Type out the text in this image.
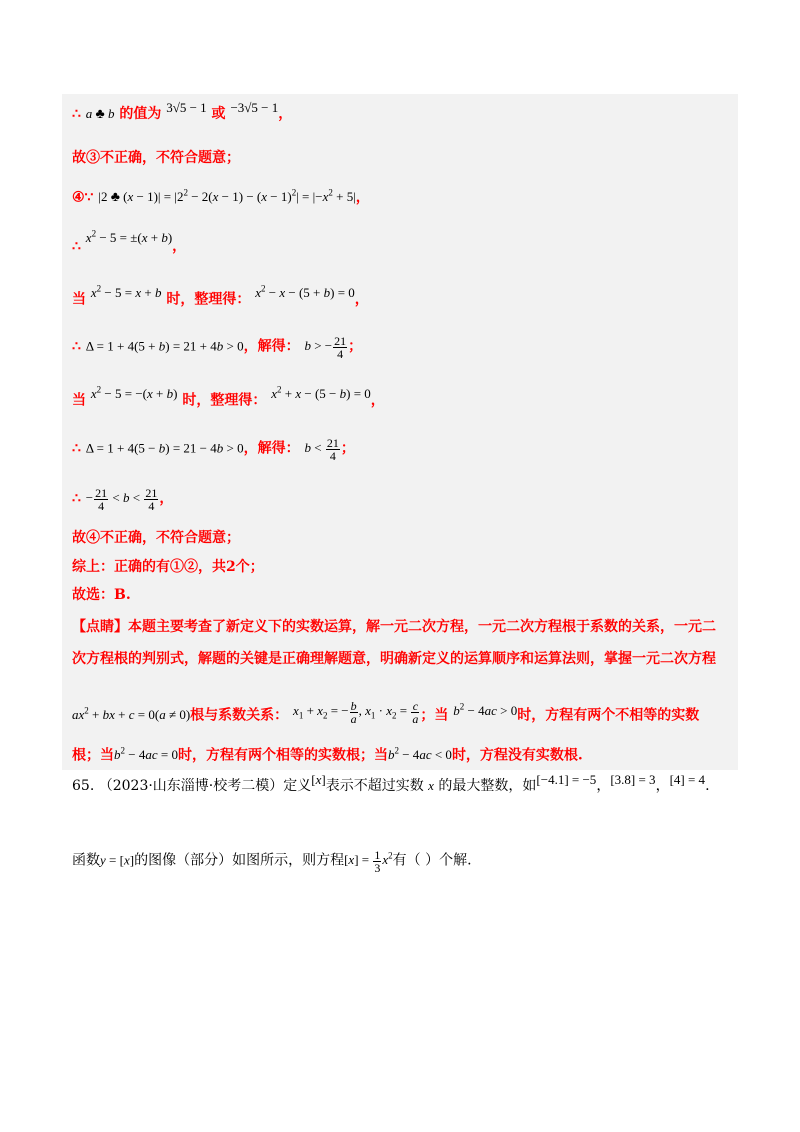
∴ a ♣ b 的值为 3√5 − 1 或 −3√5 − 1，
故③不正确，不符合题意；
④∵ |2 ♣ $(x - 1)| = |2^2 - 2(x - 1) - (x - 1)^2| = |-x^2 + 5|$，
∴ $x^2 - 5 = \pm(x + b)$，
当 $x^2 - 5 = x + b$ 时，整理得： $x^2 - x - (5 + b) = 0$，
∴ Δ = 1 + 4(5 + b) = 21 + 4b > 0，解得： b > − $\frac{21}{4}$ ；
当 $x^2 - 5 = -(x + b)$ 时，整理得： $x^2 + x - (5 - b) = 0$，
∴ Δ = 1 + 4(5 − b) = 21 − 4b > 0，解得： $b < \frac{21}{4}$ ；
∴ − $\frac{21}{4} < b < \frac{21}{4}$ ，
故④不正确，不符合题意；
综上：正确的有①②，共2个；
故选：B.
【点睛】本题主要考查了新定义下的实数运算，解一元二次方程，一元二次方程根于系数的关系，一元二
次方程根的判别式，解题的关键是正确理解题意，明确新定义的运算顺序和运算法则，掌握一元二次方程
$ax^2$ + bx + c = 0(a ≠ 0)根与系数关系： $x_1 + x_2$ = − $\frac{b}{a}$ , $x_1 \cdot x_2 = \frac{c}{a}$ ；当 $b^2 - 4ac > 0$时，方程有两个不相等的实数
根；当$b^2 - 4ac = 0$时，方程有两个相等的实数根；当$b^2 - 4ac < 0$时，方程没有实数根.
65. （2023·山东淄博·校考二模）定义[x]表示不超过实数 x 的最大整数，如[−4.1] = −5，[3.8] = 3，[4] = 4.
函数y = [x]的图像（部分）如图所示，则方程$[x] = \frac{1}{3} x^2$有（ ）个解.
